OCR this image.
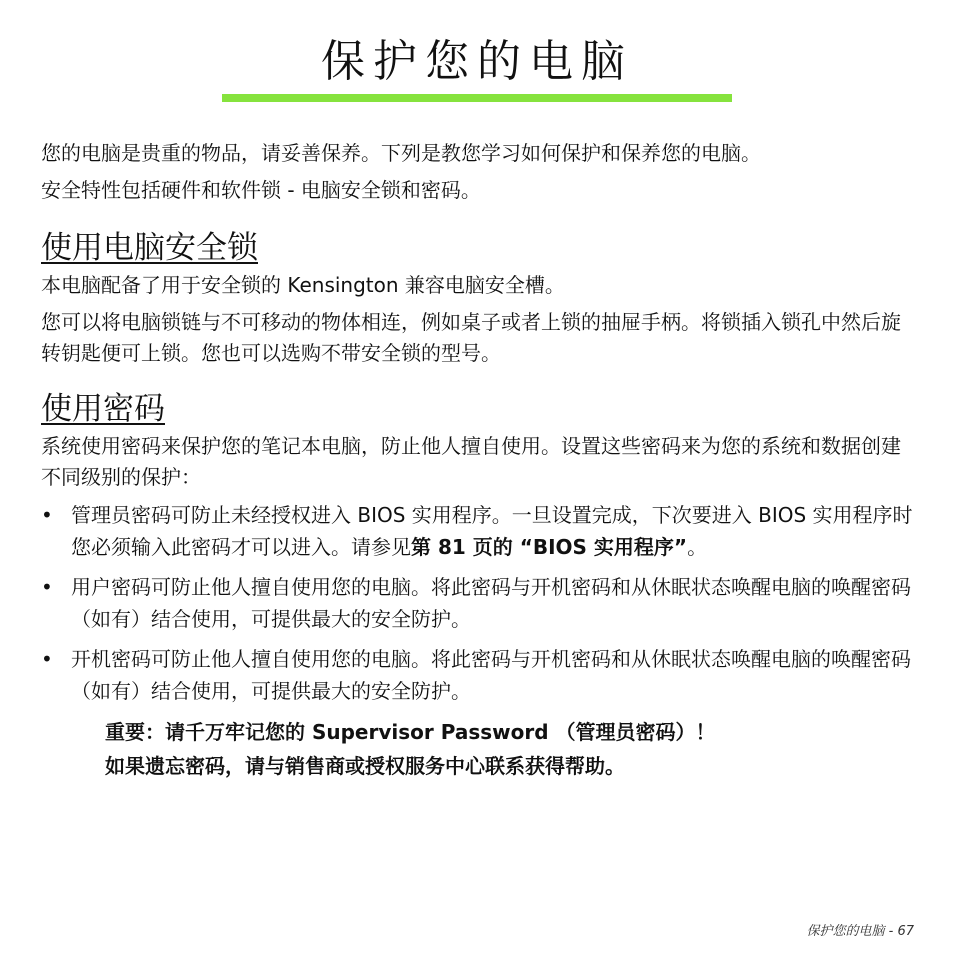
保护您的电脑

您的电脑是贵重的物品，请妥善保养。下列是教您学习如何保护和保养您的电脑。

安全特性包括硬件和软件锁 - 电脑安全锁和密码。

使用电脑安全锁

本电脑配备了用于安全锁的 Kensington 兼容电脑安全槽。

您可以将电脑锁链与不可移动的物体相连，例如桌子或者上锁的抽屉手柄。将锁插入锁孔中然后旋转钥匙便可上锁。您也可以选购不带安全锁的型号。

使用密码

系统使用密码来保护您的笔记本电脑，防止他人擅自使用。设置这些密码来为您的系统和数据创建不同级别的保护：

• 管理员密码可防止未经授权进入 BIOS 实用程序。一旦设置完成，下次要进入 BIOS 实用程序时您必须输入此密码才可以进入。请参见第 81 页的 “BIOS 实用程序”。
• 用户密码可防止他人擅自使用您的电脑。将此密码与开机密码和从休眠状态唤醒电脑的唤醒密码 （如有）结合使用，可提供最大的安全防护。
• 开机密码可防止他人擅自使用您的电脑。将此密码与开机密码和从休眠状态唤醒电脑的唤醒密码 （如有）结合使用，可提供最大的安全防护。
重要：请千万牢记您的 Supervisor Password （管理员密码）！
如果遗忘密码，请与销售商或授权服务中心联系获得帮助。
保护您的电脑 - 67
